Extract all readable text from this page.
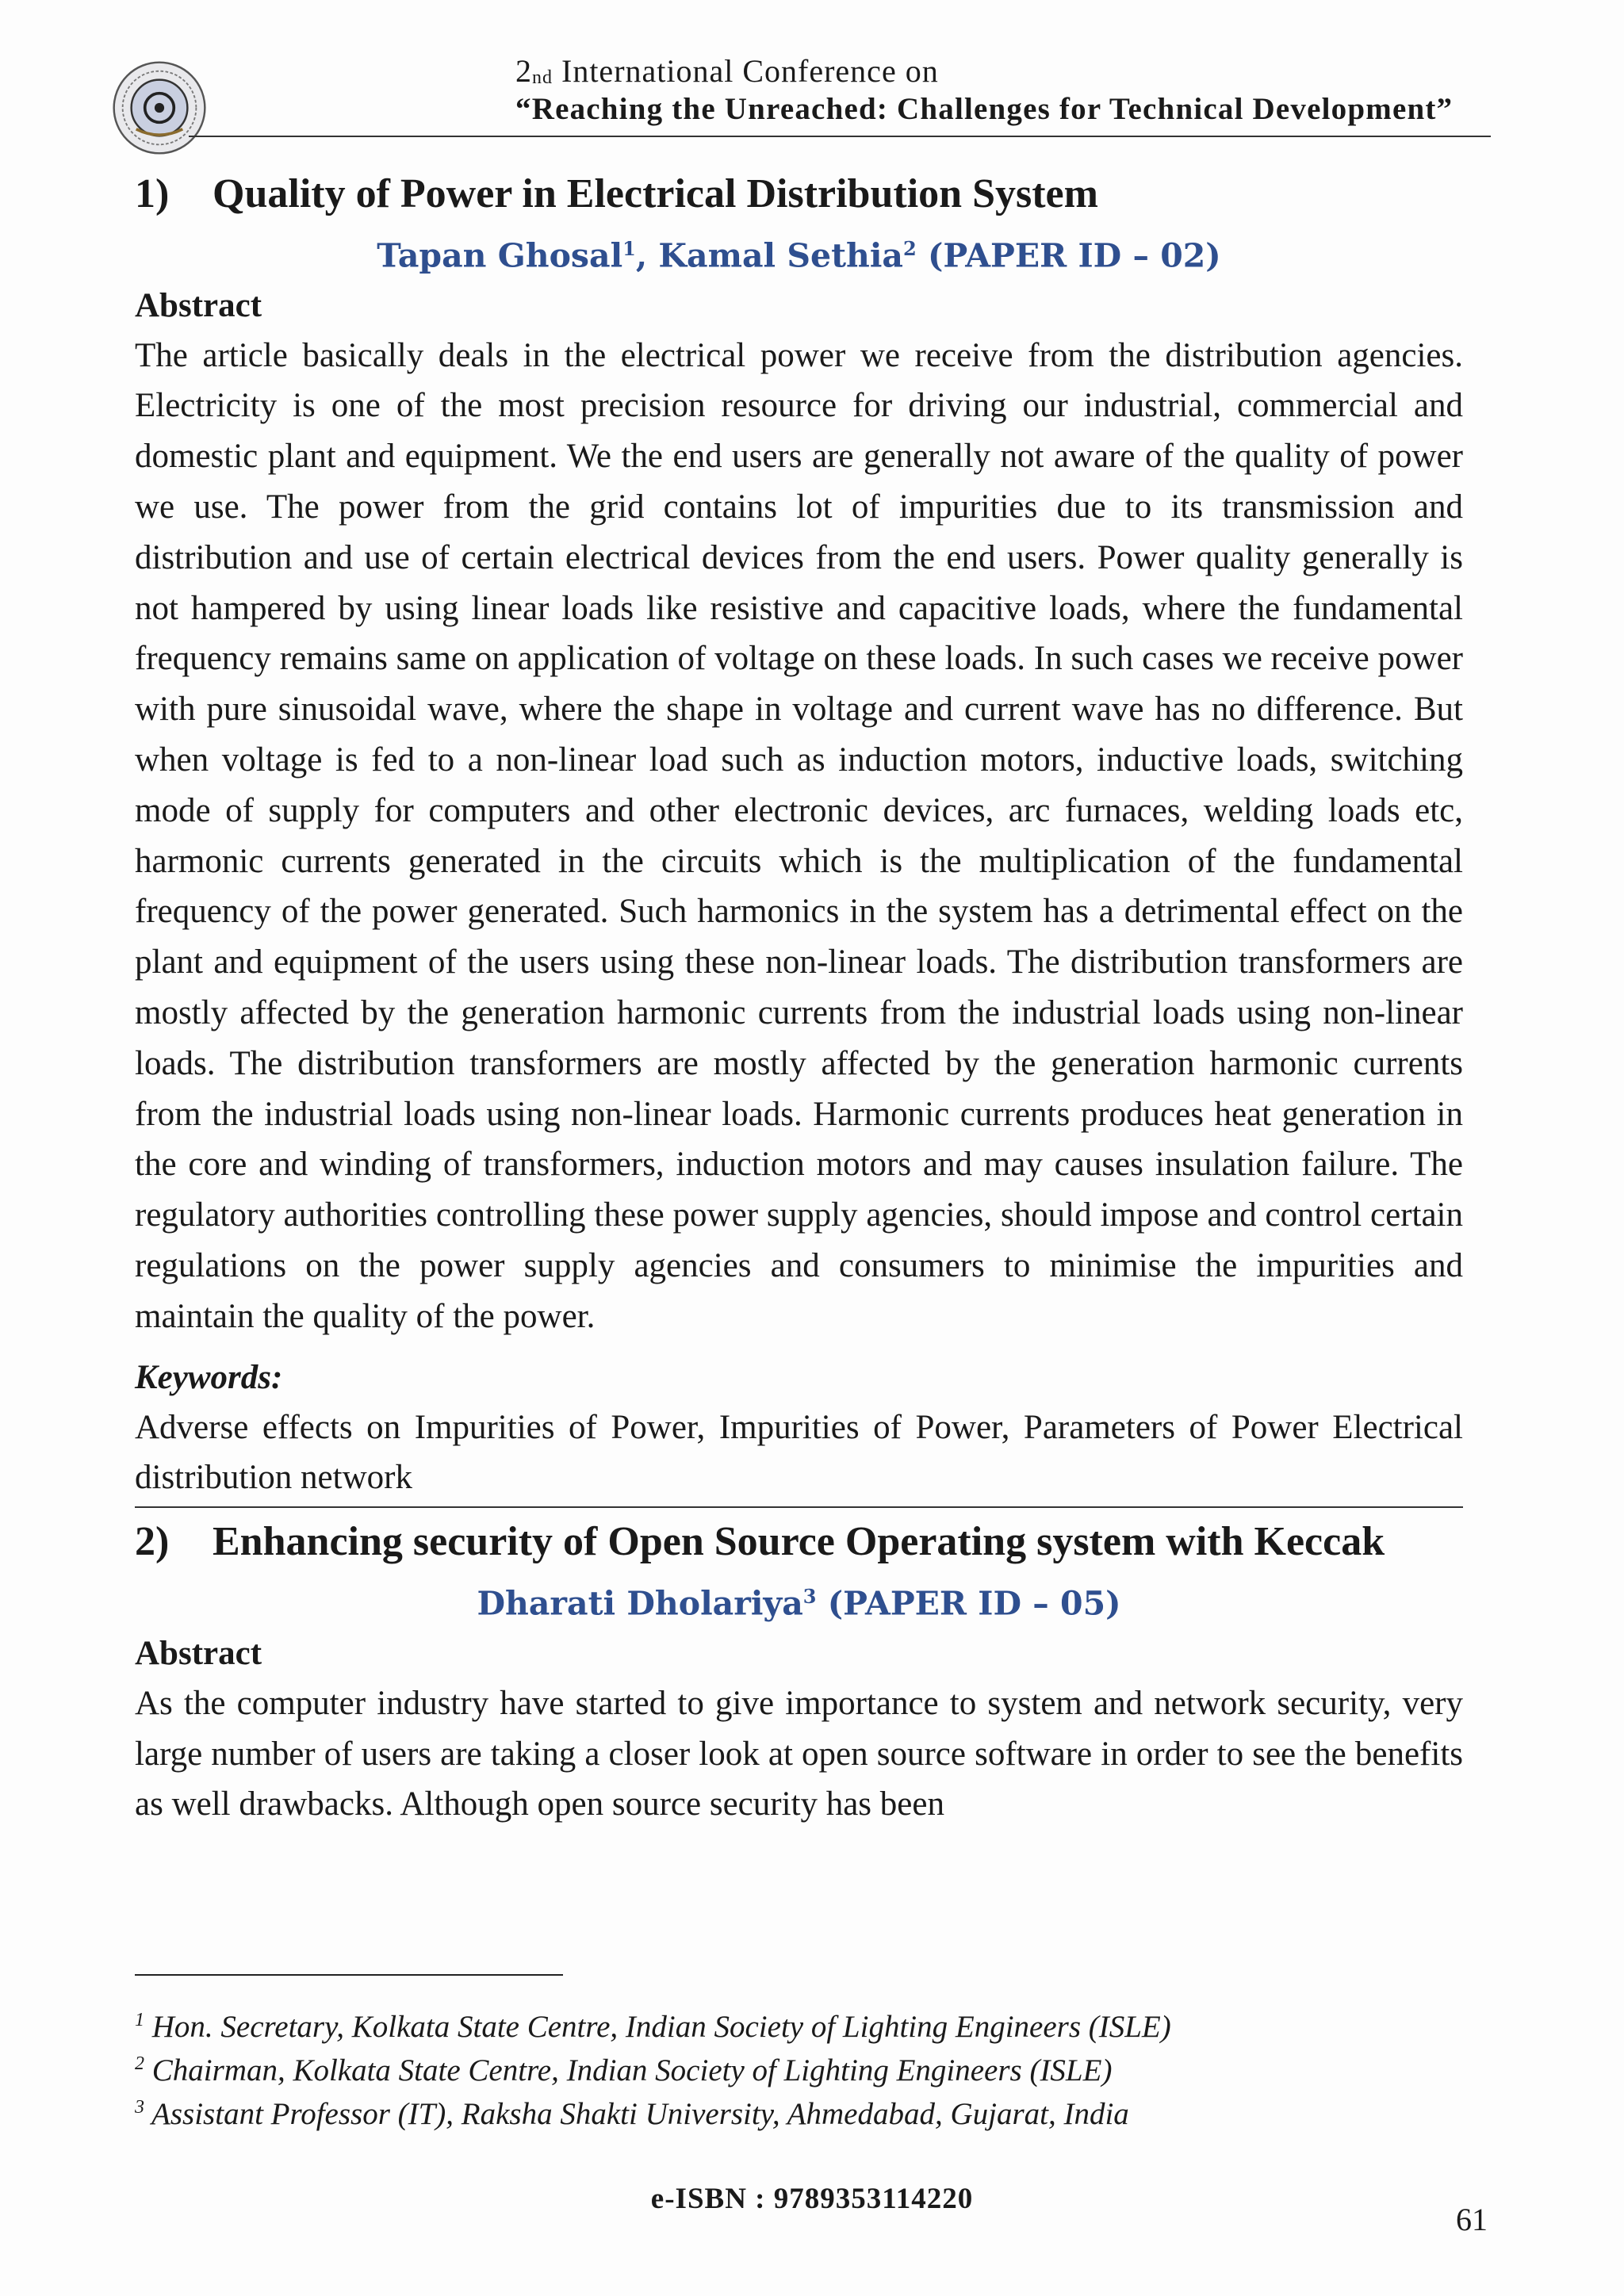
$2_{nd}$ International Conference on
“Reaching the Unreached: Challenges for Technical Development”
1) Quality of Power in Electrical Distribution System
Tapan Ghosal$^1$, Kamal Sethia$^2$ (PAPER ID – 02)
Abstract

The article basically deals in the electrical power we receive from the distribution agencies. Electricity is one of the most precision resource for driving our industrial, commercial and domestic plant and equipment. We the end users are generally not aware of the quality of power we use. The power from the grid contains lot of impurities due to its transmission and distribution and use of certain electrical devices from the end users. Power quality generally is not hampered by using linear loads like resistive and capacitive loads, where the fundamental frequency remains same on application of voltage on these loads. In such cases we receive power with pure sinusoidal wave, where the shape in voltage and current wave has no difference. But when voltage is fed to a non-linear load such as induction motors, inductive loads, switching mode of supply for computers and other electronic devices, arc furnaces, welding loads etc, harmonic currents generated in the circuits which is the multiplication of the fundamental frequency of the power generated. Such harmonics in the system has a detrimental effect on the plant and equipment of the users using these non-linear loads. The distribution transformers are mostly affected by the generation harmonic currents from the industrial loads using non-linear loads. The distribution transformers are mostly affected by the generation harmonic currents from the industrial loads using non-linear loads. Harmonic currents produces heat generation in the core and winding of transformers, induction motors and may causes insulation failure. The regulatory authorities controlling these power supply agencies, should impose and control certain regulations on the power supply agencies and consumers to minimise the impurities and maintain the quality of the power.

Keywords:

Adverse effects on Impurities of Power, Impurities of Power, Parameters of Power Electrical distribution network

2) Enhancing security of Open Source Operating system with Keccak
Dharati Dholariya$^3$ (PAPER ID – 05)
Abstract

As the computer industry have started to give importance to system and network security, very large number of users are taking a closer look at open source software in order to see the benefits as well drawbacks. Although open source security has been

$^1$ Hon. Secretary, Kolkata State Centre, Indian Society of Lighting Engineers (ISLE)
$^2$ Chairman, Kolkata State Centre, Indian Society of Lighting Engineers (ISLE)
$^3$ Assistant Professor (IT), Raksha Shakti University, Ahmedabad, Gujarat, India
e-ISBN : 9789353114220
61
